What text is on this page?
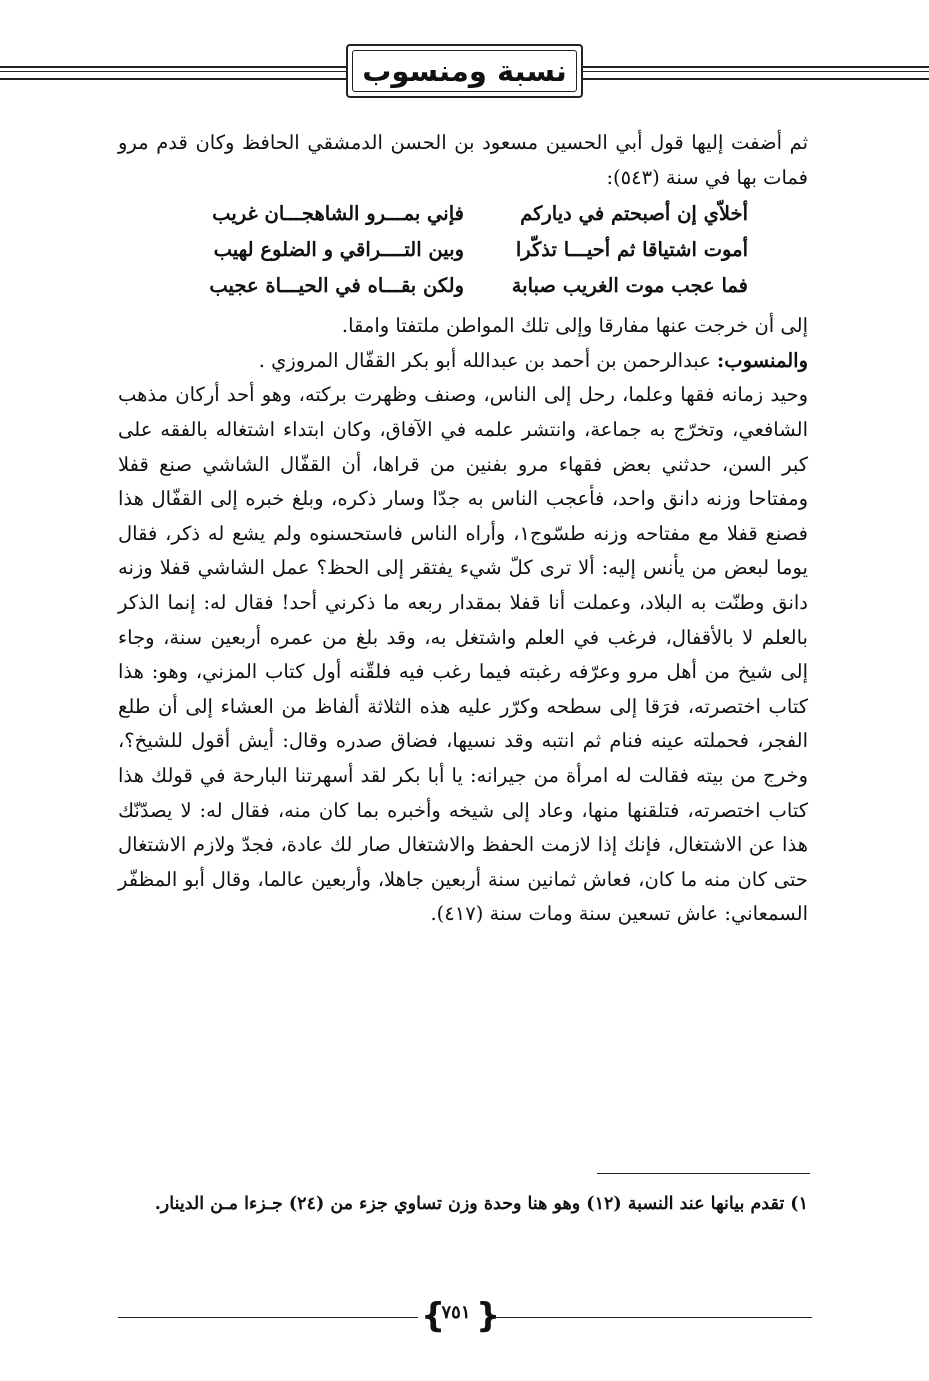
نسبة ومنسوب

ثم أضفت إليها قول أبي الحسين مسعود بن الحسن الدمشقي الحافظ وكان قدم مرو فمات بها في سنة (٥٤٣):

أخلاّي إن أصبحتم في دياركم
فإني بمـــرو الشاهجـــان غريب
أموت اشتياقا ثم أحيـــا تذكّرا
وبين التــــراقي و الضلوع لهيب
فما عجب موت الغريب صبابة
ولكن بقـــاه في الحيـــاة عجيب

إلى أن خرجت عنها مفارقا وإلى تلك المواطن ملتفتا وامقا.

والمنسوب: عبدالرحمن بن أحمد بن عبدالله أبو بكر القفّال المروزي .

وحيد زمانه فقها وعلما، رحل إلى الناس، وصنف وظهرت بركته، وهو أحد أركان مذهب الشافعي، وتخرّج به جماعة، وانتشر علمه في الآفاق، وكان ابتداء اشتغاله بالفقه على كبر السن، حدثني بعض فقهاء مرو بفنين من قراها، أن القفّال الشاشي صنع قفلا ومفتاحا وزنه دانق واحد، فأعجب الناس به جدّا وسار ذكره، وبلغ خبره إلى القفّال هذا فصنع قفلا مع مفتاحه وزنه طسّوج١، وأراه الناس فاستحسنوه ولم يشع له ذكر، فقال يوما لبعض من يأنس إليه: ألا ترى كلّ شيء يفتقر إلى الحظ؟ عمل الشاشي قفلا وزنه دانق وطنّت به البلاد، وعملت أنا قفلا بمقدار ربعه ما ذكرني أحد! فقال له: إنما الذكر بالعلم لا بالأقفال، فرغب في العلم واشتغل به، وقد بلغ من عمره أربعين سنة، وجاء إلى شيخ من أهل مرو وعرّفه رغبته فيما رغب فيه فلقّنه أول كتاب المزني، وهو: هذا كتاب اختصرته، فرَقا إلى سطحه وكرّر عليه هذه الثلاثة ألفاظ من العشاء إلى أن طلع الفجر، فحملته عينه فنام ثم انتبه وقد نسيها، فضاق صدره وقال: أيش أقول للشيخ؟، وخرج من بيته فقالت له امرأة من جيرانه: يا أبا بكر لقد أسهرتنا البارحة في قولك هذا كتاب اختصرته، فتلقنها منها، وعاد إلى شيخه وأخبره بما كان منه، فقال له: لا يصدّنّك هذا عن الاشتغال، فإنك إذا لازمت الحفظ والاشتغال صار لك عادة، فجدّ ولازم الاشتغال حتى كان منه ما كان، فعاش ثمانين سنة أربعين جاهلا، وأربعين عالما، وقال أبو المظفّر السمعاني: عاش تسعين سنة ومات سنة (٤١٧).

١) تقدم بيانها عند النسبة (١٢) وهو هنا وحدة وزن تساوي جزء من (٢٤) جـزءا مـن الدينار.
{
٧٥١ }
